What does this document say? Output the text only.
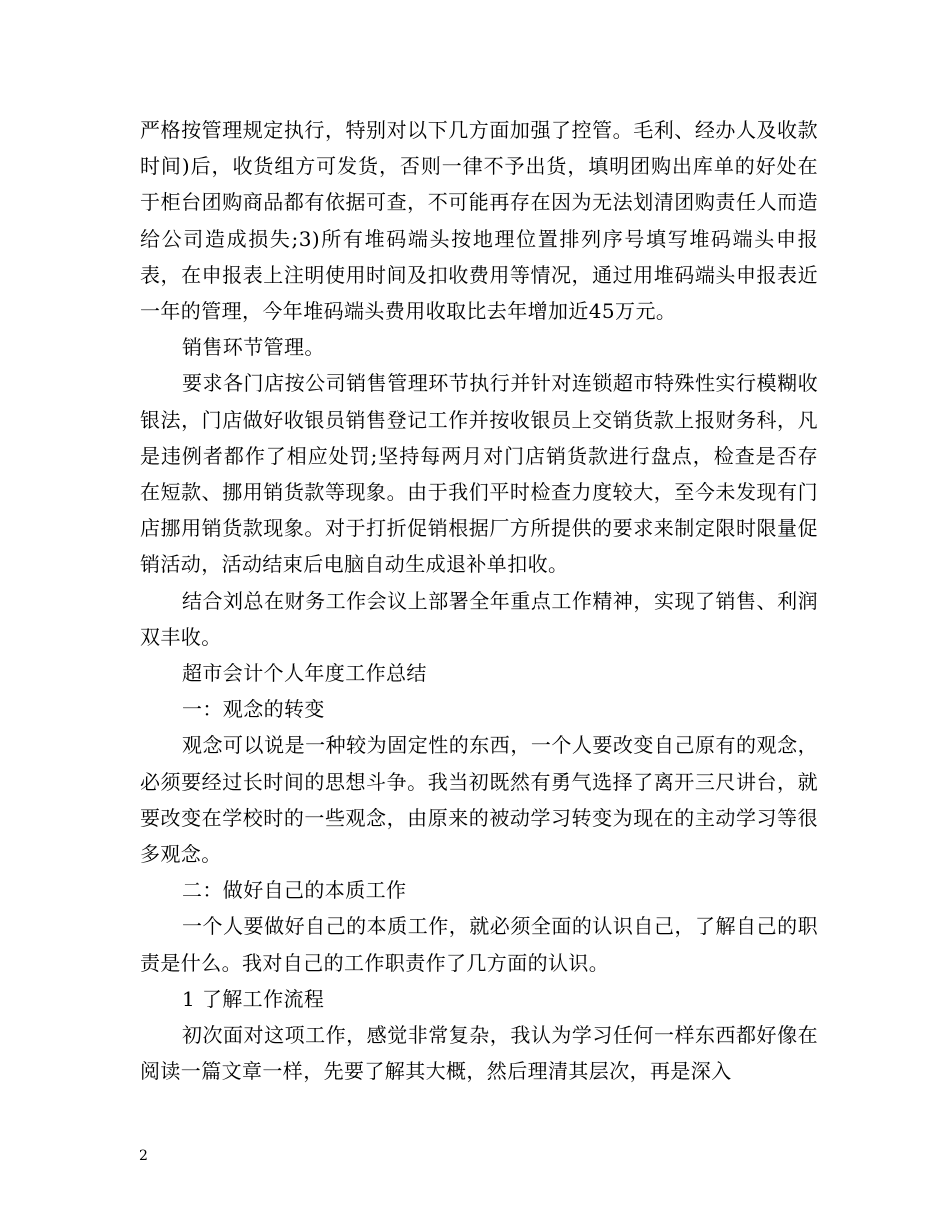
严格按管理规定执行，特别对以下几方面加强了控管。毛利、经办人及收款时间)后，收货组方可发货，否则一律不予出货，填明团购出库单的好处在于柜台团购商品都有依据可查，不可能再存在因为无法划清团购责任人而造给公司造成损失;3)所有堆码端头按地理位置排列序号填写堆码端头申报表，在申报表上注明使用时间及扣收费用等情况，通过用堆码端头申报表近一年的管理，今年堆码端头费用收取比去年增加近45万元。

销售环节管理。

要求各门店按公司销售管理环节执行并针对连锁超市特殊性实行模糊收银法，门店做好收银员销售登记工作并按收银员上交销货款上报财务科，凡是违例者都作了相应处罚;坚持每两月对门店销货款进行盘点，检查是否存在短款、挪用销货款等现象。由于我们平时检查力度较大，至今未发现有门店挪用销货款现象。对于打折促销根据厂方所提供的要求来制定限时限量促销活动，活动结束后电脑自动生成退补单扣收。

结合刘总在财务工作会议上部署全年重点工作精神，实现了销售、利润双丰收。

超市会计个人年度工作总结

一：观念的转变

观念可以说是一种较为固定性的东西，一个人要改变自己原有的观念，必须要经过长时间的思想斗争。我当初既然有勇气选择了离开三尺讲台，就要改变在学校时的一些观念，由原来的被动学习转变为现在的主动学习等很多观念。

二：做好自己的本质工作

一个人要做好自己的本质工作，就必须全面的认识自己，了解自己的职责是什么。我对自己的工作职责作了几方面的认识。

1 了解工作流程

初次面对这项工作，感觉非常复杂，我认为学习任何一样东西都好像在阅读一篇文章一样，先要了解其大概，然后理清其层次，再是深入

2
